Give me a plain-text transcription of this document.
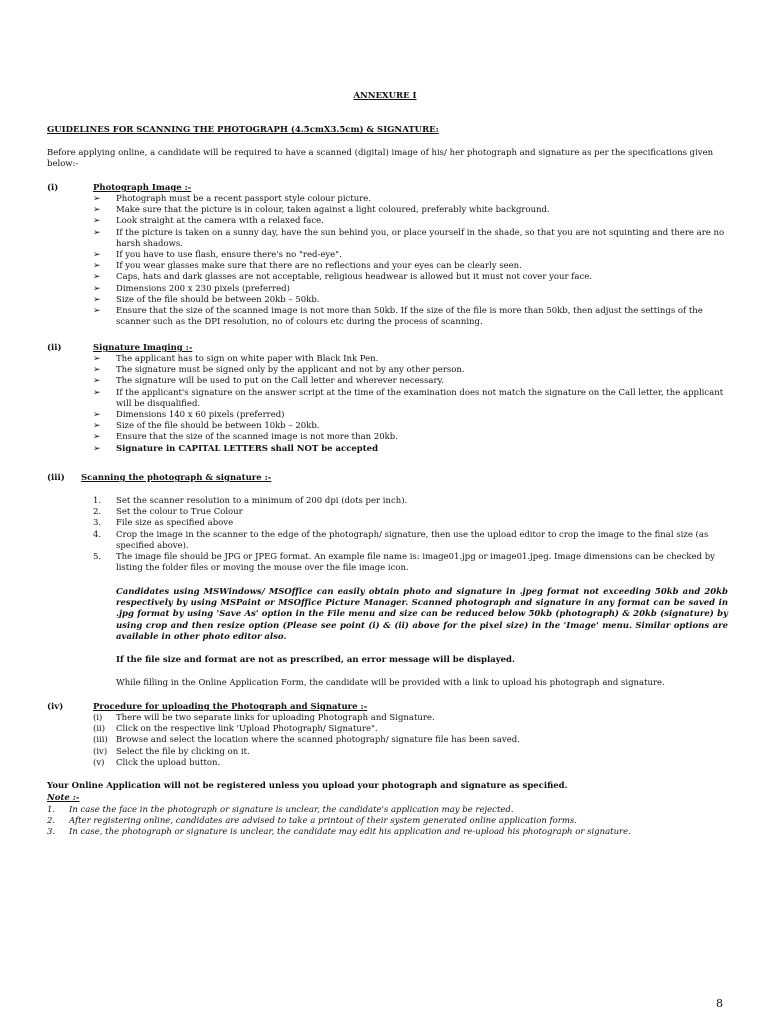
ANNEXURE I
GUIDELINES FOR SCANNING THE PHOTOGRAPH (4.5cmX3.5cm) & SIGNATURE:
Before applying online, a candidate will be required to have a scanned (digital) image of his/ her photograph and signature as per the specifications given below:-
(i)	Photograph Image :-
➢ Photograph must be a recent passport style colour picture.
➢ Make sure that the picture is in colour, taken against a light coloured, preferably white background.
➢ Look straight at the camera with a relaxed face.
➢ If the picture is taken on a sunny day, have the sun behind you, or place yourself in the shade, so that you are not squinting and there are no harsh shadows.
➢ If you have to use flash, ensure there's no "red-eye".
➢ If you wear glasses make sure that there are no reflections and your eyes can be clearly seen.
➢ Caps, hats and dark glasses are not acceptable, religious headwear is allowed but it must not cover your face.
➢ Dimensions 200 x 230 pixels (preferred)
➢ Size of the file should be between 20kb – 50kb.
➢ Ensure that the size of the scanned image is not more than 50kb. If the size of the file is more than 50kb, then adjust the settings of the scanner such as the DPI resolution, no of colours etc during the process of scanning.
(ii)	Signature Imaging :-
➢ The applicant has to sign on white paper with Black Ink Pen.
➢ The signature must be signed only by the applicant and not by any other person.
➢ The signature will be used to put on the Call letter and wherever necessary.
➢ If the applicant's signature on the answer script at the time of the examination does not match the signature on the Call letter, the applicant will be disqualified.
➢ Dimensions 140 x 60 pixels (preferred)
➢ Size of the file should be between 10kb – 20kb.
➢ Ensure that the size of the scanned image is not more than 20kb.
➢ Signature in CAPITAL LETTERS shall NOT be accepted
(iii) Scanning the photograph & signature :-
1. Set the scanner resolution to a minimum of 200 dpi (dots per inch).
2. Set the colour to True Colour
3. File size as specified above
4. Crop the image in the scanner to the edge of the photograph/ signature, then use the upload editor to crop the image to the final size (as specified above).
5. The image file should be JPG or JPEG format. An example file name is: image01.jpg or image01.jpeg. Image dimensions can be checked by listing the folder files or moving the mouse over the file image icon.
Candidates using MSWindows/ MSOffice can easily obtain photo and signature in .jpeg format not exceeding 50kb and 20kb respectively by using MSPaint or MSOffice Picture Manager. Scanned photograph and signature in any format can be saved in .jpg format by using 'Save As' option in the File menu and size can be reduced below 50kb (photograph) & 20kb (signature) by using crop and then resize option (Please see point (i) & (ii) above for the pixel size) in the 'Image' menu. Similar options are available in other photo editor also.
If the file size and format are not as prescribed, an error message will be displayed.
While filling in the Online Application Form, the candidate will be provided with a link to upload his photograph and signature.
(iv)	Procedure for uploading the Photograph and Signature :-
(i) There will be two separate links for uploading Photograph and Signature.
(ii) Click on the respective link 'Upload Photograph/ Signature".
(iii) Browse and select the location where the scanned photograph/ signature file has been saved.
(iv) Select the file by clicking on it.
(v) Click the upload button.
Your Online Application will not be registered unless you upload your photograph and signature as specified.
Note :-
1. In case the face in the photograph or signature is unclear, the candidate's application may be rejected.
2. After registering online, candidates are advised to take a printout of their system generated online application forms.
3. In case, the photograph or signature is unclear, the candidate may edit his application and re-upload his photograph or signature.
8
